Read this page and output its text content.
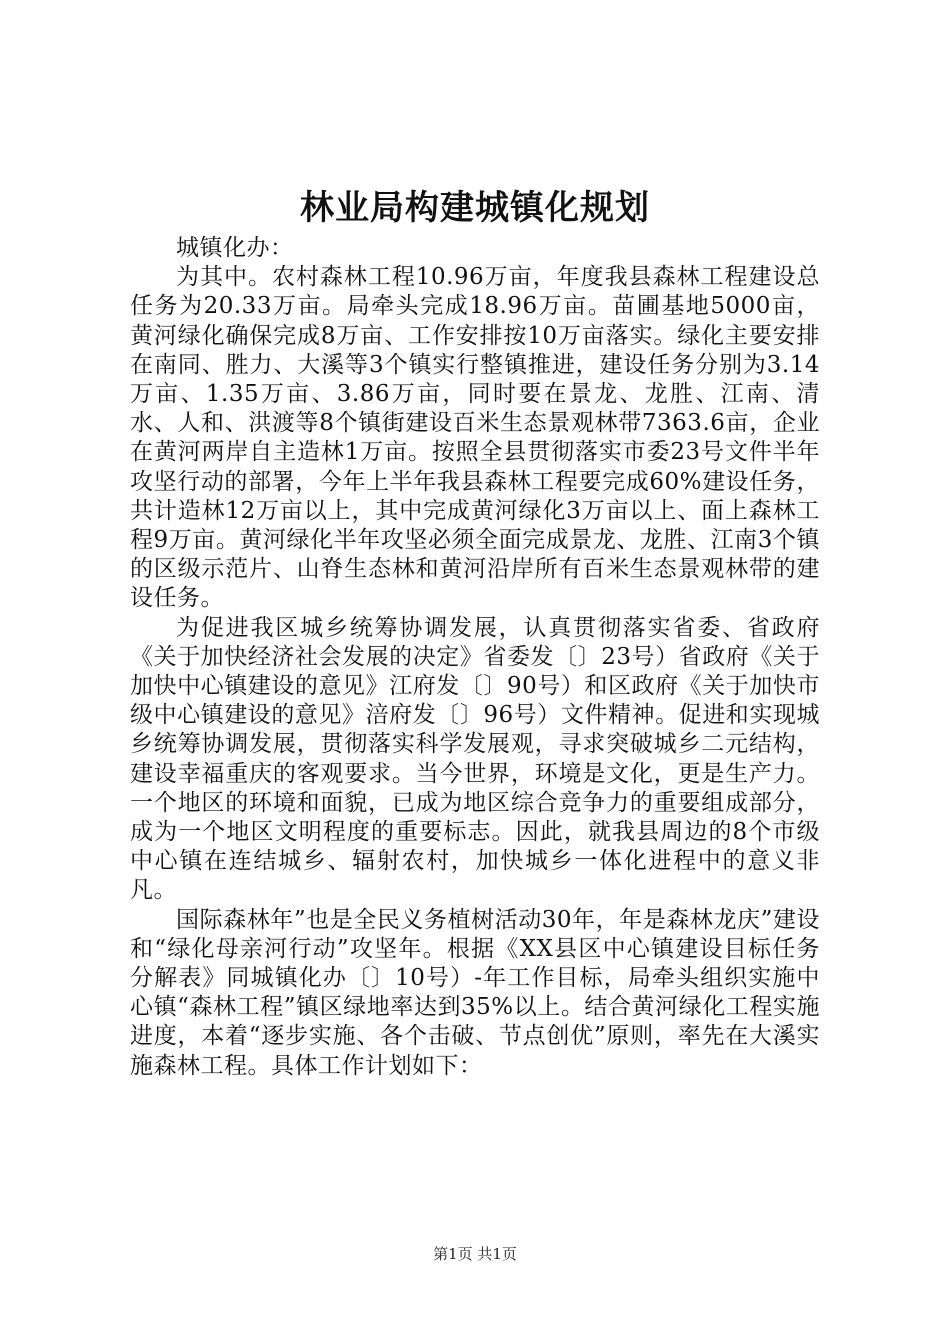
林业局构建城镇化规划
城镇化办：

为其中。农村森林工程10.96万亩，年度我县森林工程建设总任务为20.33万亩。局牵头完成18.96万亩。苗圃基地5000亩，黄河绿化确保完成8万亩、工作安排按10万亩落实。绿化主要安排在南同、胜力、大溪等3个镇实行整镇推进，建设任务分别为3.14万亩、1.35万亩、3.86万亩，同时要在景龙、龙胜、江南、清水、人和、洪渡等8个镇街建设百米生态景观林带7363.6亩，企业在黄河两岸自主造林1万亩。按照全县贯彻落实市委23号文件半年攻坚行动的部署，今年上半年我县森林工程要完成60%建设任务，共计造林12万亩以上，其中完成黄河绿化3万亩以上、面上森林工程9万亩。黄河绿化半年攻坚必须全面完成景龙、龙胜、江南3个镇的区级示范片、山脊生态林和黄河沿岸所有百米生态景观林带的建设任务。

为促进我区城乡统筹协调发展，认真贯彻落实省委、省政府《关于加快经济社会发展的决定》省委发〔〕23号）省政府《关于加快中心镇建设的意见》江府发〔〕90号）和区政府《关于加快市级中心镇建设的意见》涪府发〔〕96号）文件精神。促进和实现城乡统筹协调发展，贯彻落实科学发展观，寻求突破城乡二元结构，建设幸福重庆的客观要求。当今世界，环境是文化，更是生产力。一个地区的环境和面貌，已成为地区综合竞争力的重要组成部分，成为一个地区文明程度的重要标志。因此，就我县周边的8个市级中心镇在连结城乡、辐射农村，加快城乡一体化进程中的意义非凡。

国际森林年”也是全民义务植树活动30年，年是森林龙庆”建设和“绿化母亲河行动”攻坚年。根据《XX县区中心镇建设目标任务分解表》同城镇化办〔〕10号）-年工作目标，局牵头组织实施中心镇“森林工程”镇区绿地率达到35%以上。结合黄河绿化工程实施进度，本着“逐步实施、各个击破、节点创优”原则，率先在大溪实施森林工程。具体工作计划如下：

第1页 共1页
